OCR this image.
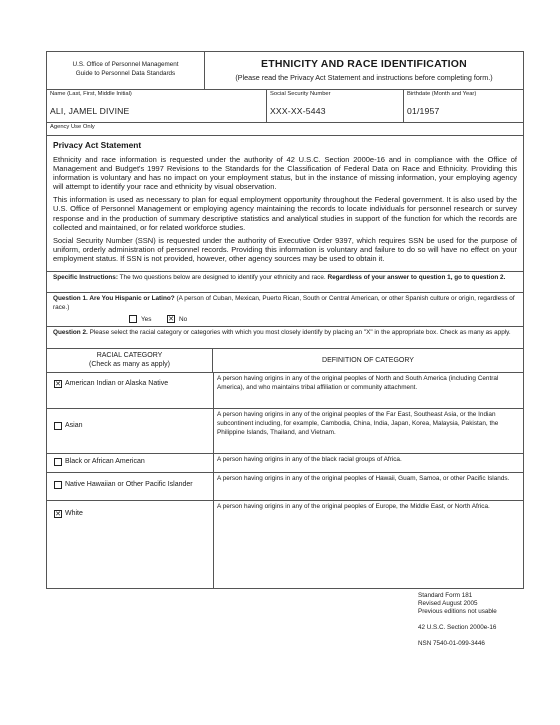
U.S. Office of Personnel Management
Guide to Personnel Data Standards
ETHNICITY AND RACE IDENTIFICATION
(Please read the Privacy Act Statement and instructions before completing form.)
Name (Last, First, Middle Initial)
ALI, JAMEL DIVINE
Social Security Number
XXX-XX-5443
Birthdate (Month and Year)
01/1957
Agency Use Only
Privacy Act Statement

Ethnicity and race information is requested under the authority of 42 U.S.C. Section 2000e-16 and in compliance with the Office of Management and Budget's 1997 Revisions to the Standards for the Classification of Federal Data on Race and Ethnicity. Providing this information is voluntary and has no impact on your employment status, but in the instance of missing information, your employing agency will attempt to identify your race and ethnicity by visual observation.

This information is used as necessary to plan for equal employment opportunity throughout the Federal government. It is also used by the U.S. Office of Personnel Management or employing agency maintaining the records to locate individuals for personnel research or survey response and in the production of summary descriptive statistics and analytical studies in support of the function for which the records are collected and maintained, or for related workforce studies.

Social Security Number (SSN) is requested under the authority of Executive Order 9397, which requires SSN be used for the purpose of uniform, orderly administration of personnel records. Providing this information is voluntary and failure to do so will have no effect on your employment status. If SSN is not provided, however, other agency sources may be used to obtain it.

Specific Instructions: The two questions below are designed to identify your ethnicity and race. Regardless of your answer to question 1, go to question 2.
Question 1. Are You Hispanic or Latino? (A person of Cuban, Mexican, Puerto Rican, South or Central American, or other Spanish culture or origin, regardless of race.)
Yes
✕	No
Question 2. Please select the racial category or categories with which you most closely identify by placing an "X" in the appropriate box. Check as many as apply.
RACIAL CATEGORY
(Check as many as apply)	DEFINITION OF CATEGORY
✕
American Indian or Alaska Native
A person having origins in any of the original peoples of North and South America (including Central America), and who maintains tribal affiliation or community attachment.
Asian
A person having origins in any of the original peoples of the Far East, Southeast Asia, or the Indian subcontinent including, for example, Cambodia, China, India, Japan, Korea, Malaysia, Pakistan, the Philippine Islands, Thailand, and Vietnam.
Black or African American	A person having origins in any of the black racial groups of Africa.
Native Hawaiian or Other Pacific Islander
A person having origins in any of the original peoples of Hawaii, Guam, Samoa, or other Pacific Islands.
✕
White
A person having origins in any of the original peoples of Europe, the Middle East, or North Africa.
Standard Form 181
Revised August 2005
Previous editions not usable
42 U.S.C. Section 2000e-16
NSN 7540-01-099-3446
